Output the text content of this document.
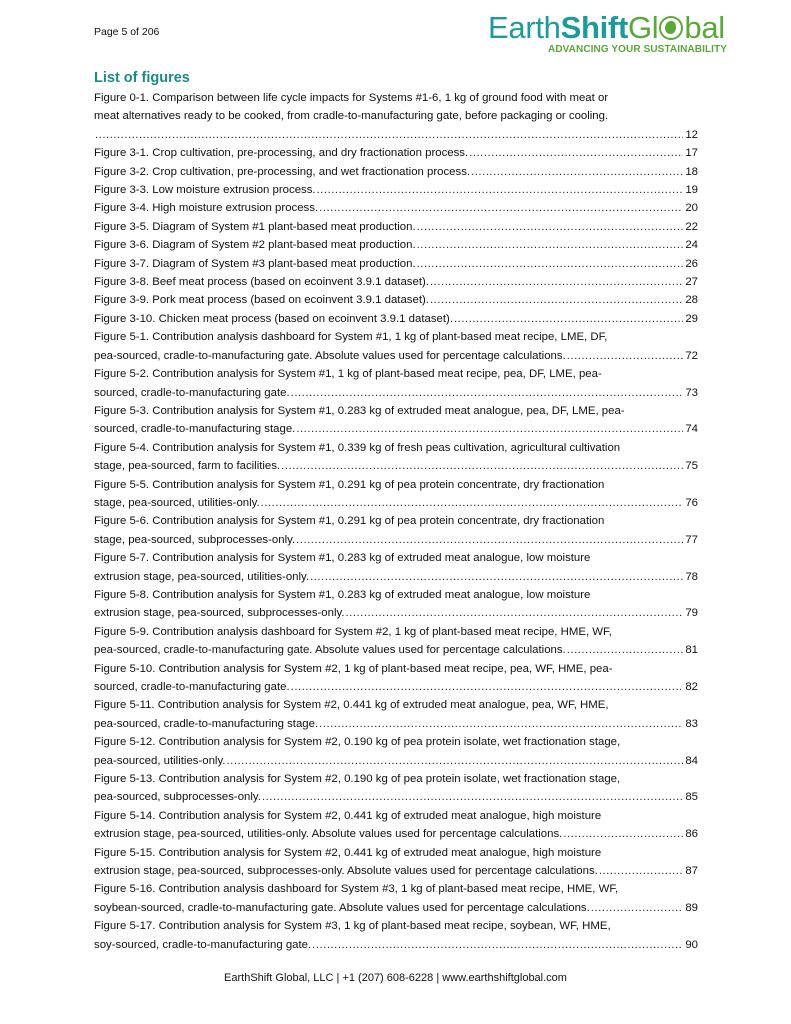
Page 5 of 206	EarthShiftGl bal
ADVANCING YOUR SUSTAINABILITY
List of figures
Figure 0-1. Comparison between life cycle impacts for Systems #1-6, 1 kg of ground food with meat or
meat alternatives ready to be cooked, from cradle-to-manufacturing gate, before packaging or cooling.
.....
12
Figure 3-1. Crop cultivation, pre-processing, and dry fractionation process. .....	17
Figure 3-2. Crop cultivation, pre-processing, and wet fractionation process. .....	18
Figure 3-3. Low moisture extrusion process. .....	19
Figure 3-4. High moisture extrusion process. .....	20
Figure 3-5. Diagram of System #1 plant-based meat production. .....	22
Figure 3-6. Diagram of System #2 plant-based meat production. .....	24
Figure 3-7. Diagram of System #3 plant-based meat production. .....	26
Figure 3-8. Beef meat process (based on ecoinvent 3.9.1 dataset). .....	27
Figure 3-9. Pork meat process (based on ecoinvent 3.9.1 dataset). .....	28
Figure 3-10. Chicken meat process (based on ecoinvent 3.9.1 dataset). .....	29
Figure 5-1. Contribution analysis dashboard for System #1, 1 kg of plant-based meat recipe, LME, DF,
pea-sourced, cradle-to-manufacturing gate. Absolute values used for percentage calculations. .....	72
Figure 5-2. Contribution analysis for System #1, 1 kg of plant-based meat recipe, pea, DF, LME, pea-
sourced, cradle-to-manufacturing gate. .....	73
Figure 5-3. Contribution analysis for System #1, 0.283 kg of extruded meat analogue, pea, DF, LME, pea-
sourced, cradle-to-manufacturing stage. .....	74
Figure 5-4. Contribution analysis for System #1, 0.339 kg of fresh peas cultivation, agricultural cultivation
stage, pea-sourced, farm to facilities. .....	75
Figure 5-5. Contribution analysis for System #1, 0.291 kg of pea protein concentrate, dry fractionation
stage, pea-sourced, utilities-only. .....	76
Figure 5-6. Contribution analysis for System #1, 0.291 kg of pea protein concentrate, dry fractionation
stage, pea-sourced, subprocesses-only. .....	77
Figure 5-7. Contribution analysis for System #1, 0.283 kg of extruded meat analogue, low moisture
extrusion stage, pea-sourced, utilities-only. .....	78
Figure 5-8. Contribution analysis for System #1, 0.283 kg of extruded meat analogue, low moisture
extrusion stage, pea-sourced, subprocesses-only. .....	79
Figure 5-9. Contribution analysis dashboard for System #2, 1 kg of plant-based meat recipe, HME, WF,
pea-sourced, cradle-to-manufacturing gate. Absolute values used for percentage calculations. .....	81
Figure 5-10. Contribution analysis for System #2, 1 kg of plant-based meat recipe, pea, WF, HME, pea-
sourced, cradle-to-manufacturing gate. .....	82
Figure 5-11. Contribution analysis for System #2, 0.441 kg of extruded meat analogue, pea, WF, HME,
pea-sourced, cradle-to-manufacturing stage. .....	83
Figure 5-12. Contribution analysis for System #2, 0.190 kg of pea protein isolate, wet fractionation stage,
pea-sourced, utilities-only. .....	84
Figure 5-13. Contribution analysis for System #2, 0.190 kg of pea protein isolate, wet fractionation stage,
pea-sourced, subprocesses-only. .....	85
Figure 5-14. Contribution analysis for System #2, 0.441 kg of extruded meat analogue, high moisture
extrusion stage, pea-sourced, utilities-only. Absolute values used for percentage calculations. .....	86
Figure 5-15. Contribution analysis for System #2, 0.441 kg of extruded meat analogue, high moisture
extrusion stage, pea-sourced, subprocesses-only. Absolute values used for percentage calculations. .....	87
Figure 5-16. Contribution analysis dashboard for System #3, 1 kg of plant-based meat recipe, HME, WF,
soybean-sourced, cradle-to-manufacturing gate. Absolute values used for percentage calculations. .....	89
Figure 5-17. Contribution analysis for System #3, 1 kg of plant-based meat recipe, soybean, WF, HME,
soy-sourced, cradle-to-manufacturing gate. .....	90
EarthShift Global, LLC | +1 (207) 608-6228 | www.earthshiftglobal.com
